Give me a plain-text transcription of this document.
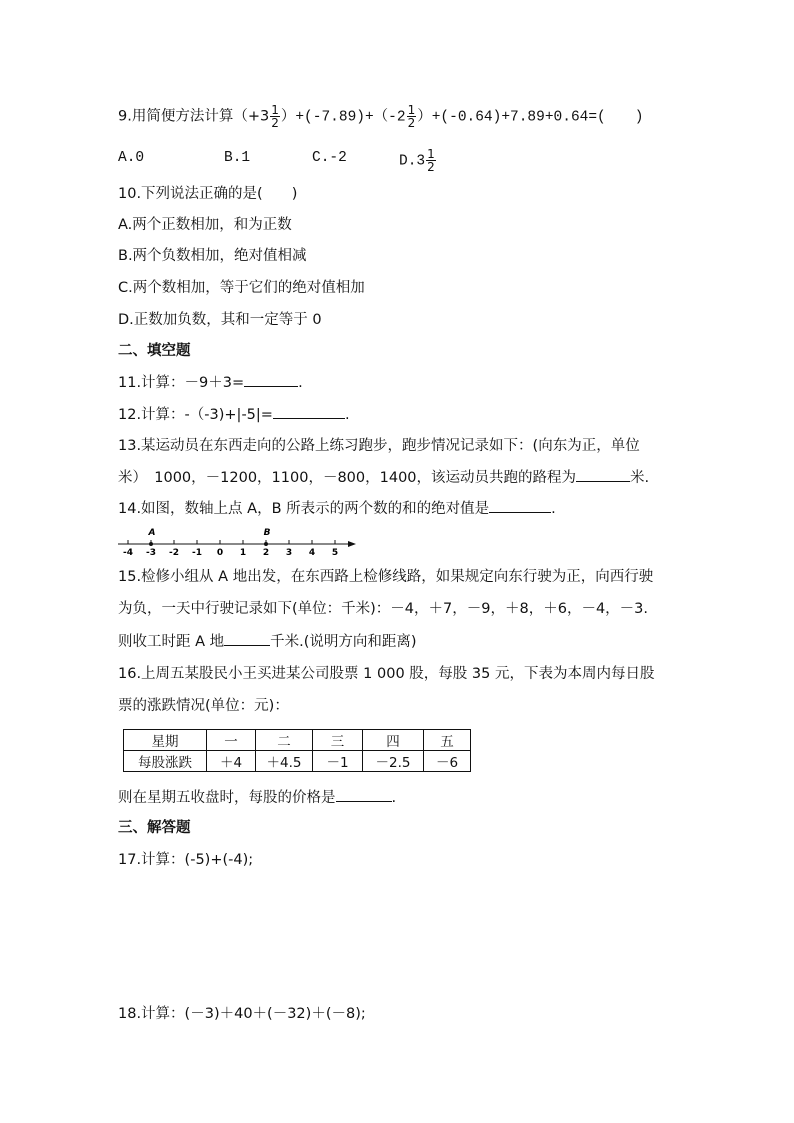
9.用简便方法计算$(+3 \frac{1}{2} )+(-7.89)+(-2 \frac{1}{2} )+(-0.64)+7.89+0.64=$(　　)
A.0	B.1	C.-2	$D.3 \frac{1}{2}$
10.下列说法正确的是(　　)
A.两个正数相加，和为正数
B.两个负数相加，绝对值相减
C.两个数相加，等于它们的绝对值相加
D.正数加负数，其和一定等于 0
二、填空题
11.计算：－9＋3=	.
12.计算：-（-3)+|-5|=	.
13.某运动员在东西走向的公路上练习跑步，跑步情况记录如下：(向东为正，单位
米）　1000，－1200，1100，－800，1400，该运动员共跑的路程为	米.
14.如图，数轴上点 A，B 所表示的两个数的和的绝对值是	.
-4 -3 -2 -1 0 1 2 3 4 5
A	B
15.检修小组从 A 地出发，在东西路上检修线路，如果规定向东行驶为正，向西行驶
为负，一天中行驶记录如下(单位：千米)：－4，＋7，－9，＋8，＋6，－4，－3.
则收工时距 A 地	千米.(说明方向和距离)
16.上周五某股民小王买进某公司股票 1 000 股，每股 35 元，下表为本周内每日股
票的涨跌情况(单位：元)：
星期	一	二	三	四	五
每股涨跌	＋4	＋4.5	－1	－2.5	－6
则在星期五收盘时，每股的价格是	.
三、解答题
17.计算：(-5)+(-4);
18.计算：(－3)＋40＋(－32)＋(－8);
